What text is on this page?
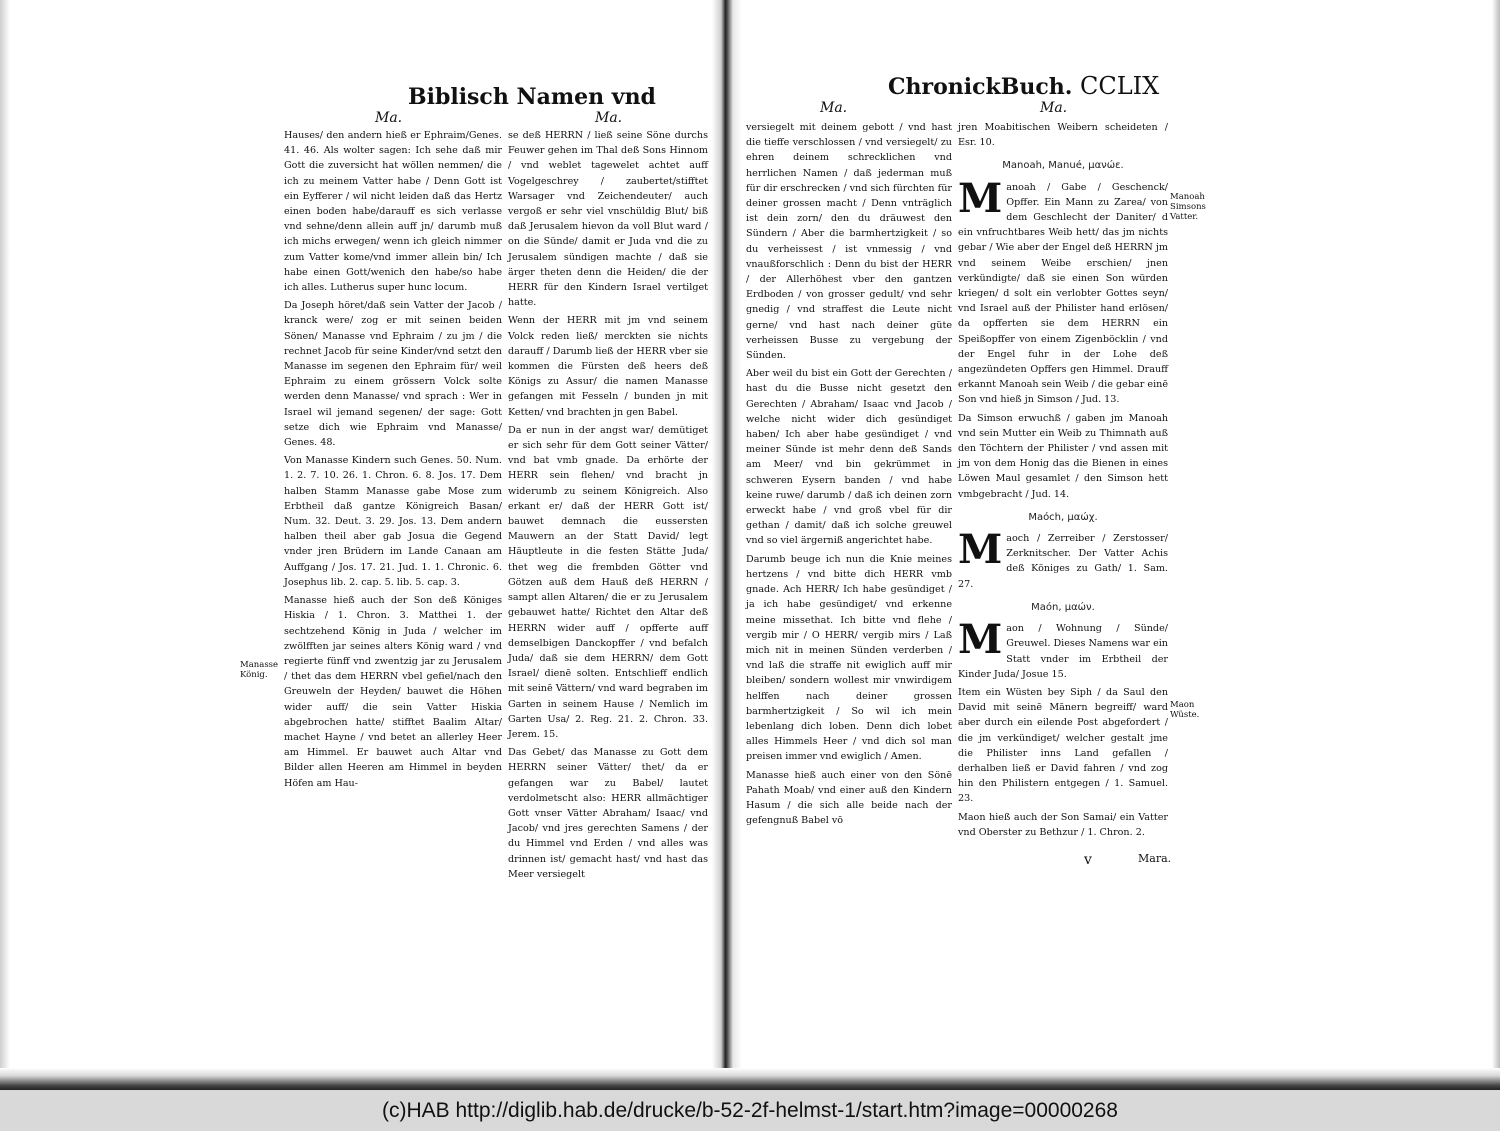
Biblisch Namen vnd
Ma.	Ma.

Hauses/ den andern hieß er Ephraim/Genes. 41. 46. Als wolter sagen: Ich sehe daß mir Gott die zuversicht hat wöllen nemmen/ die ich zu meinem Vatter habe / Denn Gott ist ein Eyfferer / wil nicht leiden daß das Hertz einen boden habe/darauff es sich verlasse vnd sehne/denn allein auff jn/ darumb muß ich michs erwegen/ wenn ich gleich nimmer zum Vatter kome/vnd immer allein bin/ Ich habe einen Gott/wenich den habe/so habe ich alles. Lutherus super hunc locum.

Da Joseph höret/daß sein Vatter der Jacob / kranck were/ zog er mit seinen beiden Sönen/ Manasse vnd Ephraim / zu jm / die rechnet Jacob für seine Kinder/vnd setzt den Manasse im segenen den Ephraim für/ weil Ephraim zu einem grössern Volck solte werden denn Manasse/ vnd sprach : Wer in Israel wil jemand segenen/ der sage: Gott setze dich wie Ephraim vnd Manasse/ Genes. 48.

Von Manasse Kindern such Genes. 50. Num. 1. 2. 7. 10. 26. 1. Chron. 6. 8. Jos. 17. Dem halben Stamm Manasse gabe Mose zum Erbtheil daß gantze Königreich Basan/ Num. 32. Deut. 3. 29. Jos. 13. Dem andern halben theil aber gab Josua die Gegend vnder jren Brüdern im Lande Canaan am Auffgang / Jos. 17. 21. Jud. 1. 1. Chronic. 6. Josephus lib. 2. cap. 5. lib. 5. cap. 3.

Manasse hieß auch der Son deß Königes Hiskia / 1. Chron. 3. Matthei 1. der sechtzehend König in Juda / welcher im zwölfften jar seines alters König ward / vnd regierte fünff vnd zwentzig jar zu Jerusalem / thet das dem HERRN vbel gefiel/nach den Greuweln der Heyden/ bauwet die Höhen wider auff/ die sein Vatter Hiskia abgebrochen hatte/ stifftet Baalim Altar/ machet Hayne / vnd betet an allerley Heer am Himmel. Er bauwet auch Altar vnd Bilder allen Heeren am Himmel in beyden Höfen am Hau-

se deß HERRN / ließ seine Söne durchs Feuwer gehen im Thal deß Sons Hinnom / vnd weblet tagewelet achtet auff Vogelgeschrey / zaubertet/stifftet Warsager vnd Zeichendeuter/ auch vergoß er sehr viel vnschüldig Blut/ biß daß Jerusalem hievon da voll Blut ward / on die Sünde/ damit er Juda vnd die zu Jerusalem sündigen machte / daß sie ärger theten denn die Heiden/ die der HERR für den Kindern Israel vertilget hatte.

Wenn der HERR mit jm vnd seinem Volck reden ließ/ merckten sie nichts darauff / Darumb ließ der HERR vber sie kommen die Fürsten deß heers deß Königs zu Assur/ die namen Manasse gefangen mit Fesseln / bunden jn mit Ketten/ vnd brachten jn gen Babel.

Da er nun in der angst war/ demütiget er sich sehr für dem Gott seiner Vätter/ vnd bat vmb gnade. Da erhörte der HERR sein flehen/ vnd bracht jn widerumb zu seinem Königreich. Also erkant er/ daß der HERR Gott ist/ bauwet demnach die eussersten Mauwern an der Statt David/ legt Häuptleute in die festen Stätte Juda/ thet weg die frembden Götter vnd Götzen auß dem Hauß deß HERRN / sampt allen Altaren/ die er zu Jerusalem gebauwet hatte/ Richtet den Altar deß HERRN wider auff / opfferte auff demselbigen Danckopffer / vnd befalch Juda/ daß sie dem HERRN/ dem Gott Israel/ dienē solten. Entschlieff endlich mit seinē Vättern/ vnd ward begraben im Garten in seinem Hause / Nemlich im Garten Usa/ 2. Reg. 21. 2. Chron. 33. Jerem. 15.

Das Gebet/ das Manasse zu Gott dem HERRN seiner Vätter/ thet/ da er gefangen war zu Babel/ lautet verdolmetscht also: HERR allmächtiger Gott vnser Vätter Abraham/ Isaac/ vnd Jacob/ vnd jres gerechten Samens / der du Himmel vnd Erden / vnd alles was drinnen ist/ gemacht hast/ vnd hast das Meer versiegelt

Manasse König.
ChronickBuch. CCLIX
Ma.	Ma.

versiegelt mit deinem gebott / vnd hast die tieffe verschlossen / vnd versiegelt/ zu ehren deinem schrecklichen vnd herrlichen Namen / daß jederman muß für dir erschrecken / vnd sich fürchten für deiner grossen macht / Denn vnträglich ist dein zorn/ den du dräuwest den Sündern / Aber die barmhertzigkeit / so du verheissest / ist vnmessig / vnd vnaußforschlich : Denn du bist der HERR / der Allerhöhest vber den gantzen Erdboden / von grosser gedult/ vnd sehr gnedig / vnd straffest die Leute nicht gerne/ vnd hast nach deiner güte verheissen Busse zu vergebung der Sünden.

Aber weil du bist ein Gott der Gerechten / hast du die Busse nicht gesetzt den Gerechten / Abraham/ Isaac vnd Jacob / welche nicht wider dich gesündiget haben/ Ich aber habe gesündiget / vnd meiner Sünde ist mehr denn deß Sands am Meer/ vnd bin gekrümmet in schweren Eysern banden / vnd habe keine ruwe/ darumb / daß ich deinen zorn erweckt habe / vnd groß vbel für dir gethan / damit/ daß ich solche greuwel vnd so viel ärgerniß angerichtet habe.

Darumb beuge ich nun die Knie meines hertzens / vnd bitte dich HERR vmb gnade. Ach HERR/ Ich habe gesündiget / ja ich habe gesündiget/ vnd erkenne meine missethat. Ich bitte vnd flehe / vergib mir / O HERR/ vergib mirs / Laß mich nit in meinen Sünden verderben / vnd laß die straffe nit ewiglich auff mir bleiben/ sondern wollest mir vnwirdigem helffen nach deiner grossen barmhertzigkeit / So wil ich mein lebenlang dich loben. Denn dich lobet alles Himmels Heer / vnd dich sol man preisen immer vnd ewiglich / Amen.

Manasse hieß auch einer von den Sönē Pahath Moab/ vnd einer auß den Kindern Hasum / die sich alle beide nach der gefengnuß Babel vō

jren Moabitischen Weibern scheideten / Esr. 10.

Manoah, Manué, μανώε.

Manoah / Gabe / Geschenck/ Opffer. Ein Mann zu Zarea/ von dem Geschlecht der Daniter/ d ein vnfruchtbares Weib hett/ das jm nichts gebar / Wie aber der Engel deß HERRN jm vnd seinem Weibe erschien/ jnen verkündigte/ daß sie einen Son würden kriegen/ d solt ein verlobter Gottes seyn/ vnd Israel auß der Philister hand erlösen/ da opfferten sie dem HERRN ein Speißopffer von einem Zigenböcklin / vnd der Engel fuhr in der Lohe deß angezündeten Opffers gen Himmel. Drauff erkannt Manoah sein Weib / die gebar einē Son vnd hieß jn Simson / Jud. 13.

Da Simson erwuchß / gaben jm Manoah vnd sein Mutter ein Weib zu Thimnath auß den Töchtern der Philister / vnd assen mit jm von dem Honig das die Bienen in eines Löwen Maul gesamlet / den Simson hett vmbgebracht / Jud. 14.

Maóch, μαώχ.

Maoch / Zerreiber / Zerstosser/ Zerknitscher. Der Vatter Achis deß Königes zu Gath/ 1. Sam. 27.

Maón, μαών.

Maon / Wohnung / Sünde/ Greuwel. Dieses Namens war ein Statt vnder im Erbtheil der Kinder Juda/ Josue 15.

Item ein Wüsten bey Siph / da Saul den David mit seinē Mānern begreiff/ ward aber durch ein eilende Post abgefordert / die jm verkündiget/ welcher gestalt jme die Philister inns Land gefallen / derhalben ließ er David fahren / vnd zog hin den Philistern entgegen / 1. Samuel. 23.

Maon hieß auch der Son Samai/ ein Vatter vnd Oberster zu Bethzur / 1. Chron. 2.

Manoah Simsons Vatter.
Maon Wüste.
v	Mara.
(c)HAB http://diglib.hab.de/drucke/b-52-2f-helmst-1/start.htm?image=00000268
